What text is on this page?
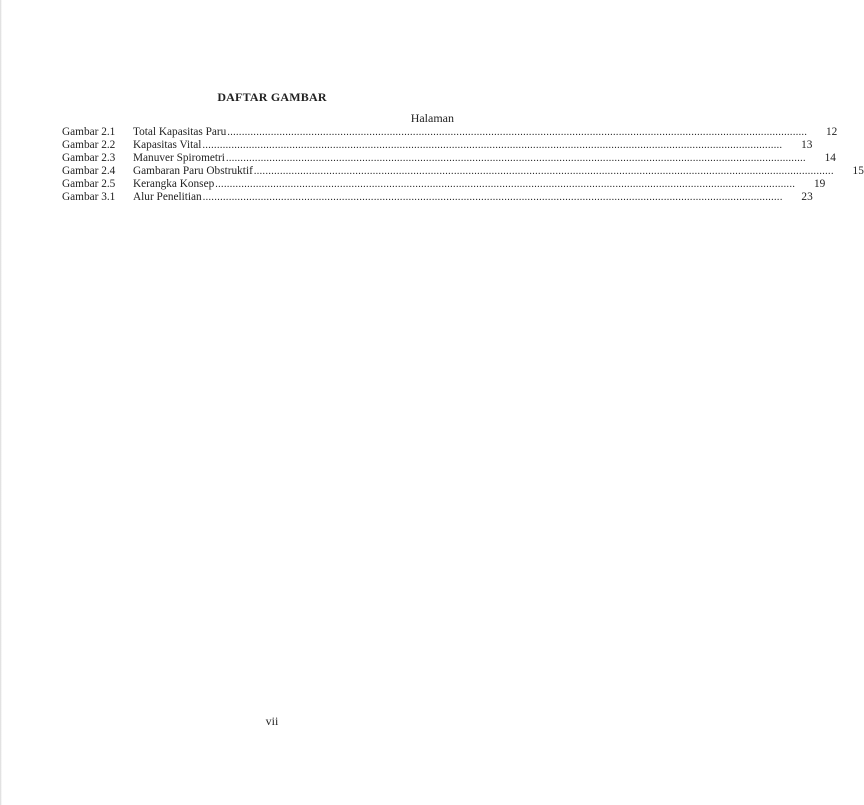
DAFTAR GAMBAR
Halaman
Gambar 2.1	Total Kapasitas Paru ........................................................................................................................................................................................................	12
Gambar 2.2	Kapasitas Vital ........................................................................................................................................................................................................	13
Gambar 2.3	Manuver Spirometri ........................................................................................................................................................................................................	14
Gambar 2.4	Gambaran Paru Obstruktif ........................................................................................................................................................................................................	15
Gambar 2.5	Kerangka Konsep ........................................................................................................................................................................................................	19
Gambar 3.1	Alur Penelitian ........................................................................................................................................................................................................	23
vii
